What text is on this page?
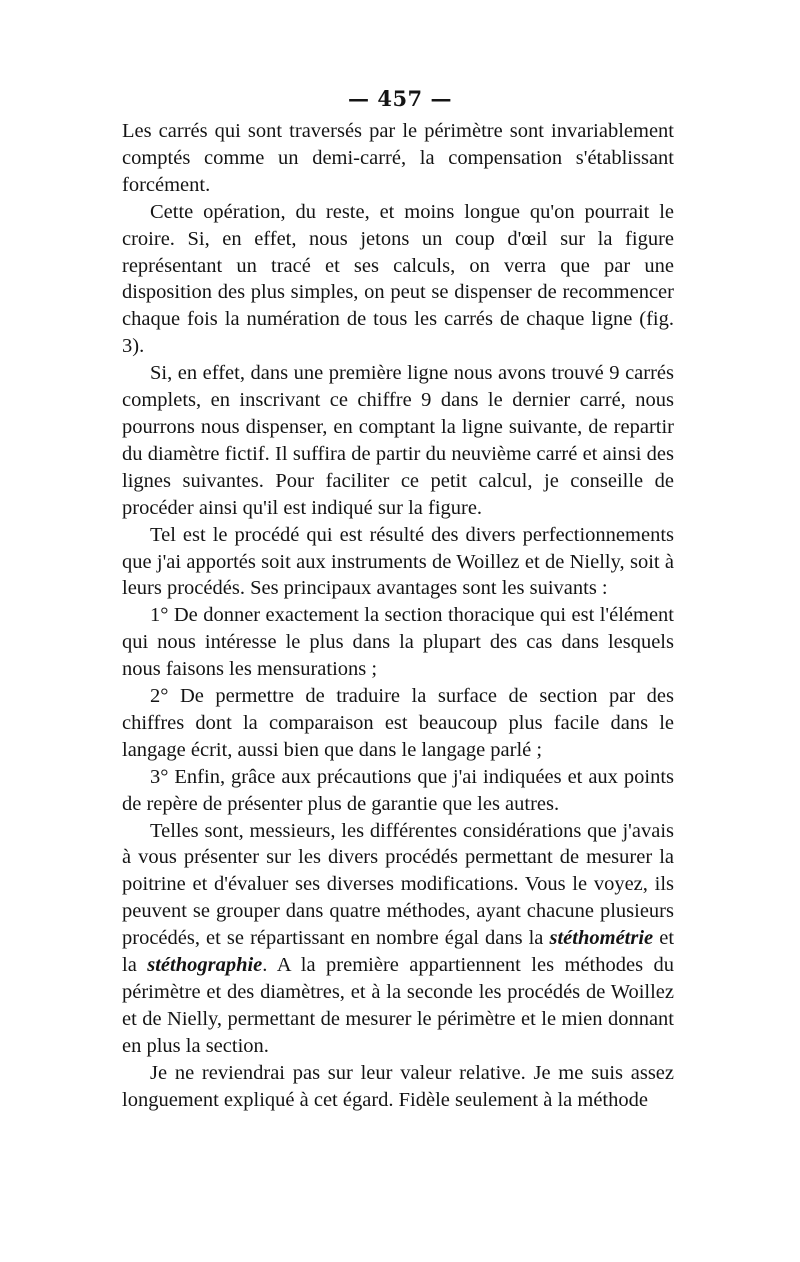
— 457 —

Les carrés qui sont traversés par le périmètre sont invariablement comptés comme un demi-carré, la compensation s'établissant forcément.

Cette opération, du reste, et moins longue qu'on pourrait le croire. Si, en effet, nous jetons un coup d'œil sur la figure représentant un tracé et ses calculs, on verra que par une disposition des plus simples, on peut se dispenser de recommencer chaque fois la numération de tous les carrés de chaque ligne (fig. 3).

Si, en effet, dans une première ligne nous avons trouvé 9 carrés complets, en inscrivant ce chiffre 9 dans le dernier carré, nous pourrons nous dispenser, en comptant la ligne suivante, de repartir du diamètre fictif. Il suffira de partir du neuvième carré et ainsi des lignes suivantes. Pour faciliter ce petit calcul, je conseille de procéder ainsi qu'il est indiqué sur la figure.

Tel est le procédé qui est résulté des divers perfectionnements que j'ai apportés soit aux instruments de Woillez et de Nielly, soit à leurs procédés. Ses principaux avantages sont les suivants :

1° De donner exactement la section thoracique qui est l'élément qui nous intéresse le plus dans la plupart des cas dans lesquels nous faisons les mensurations ;

2° De permettre de traduire la surface de section par des chiffres dont la comparaison est beaucoup plus facile dans le langage écrit, aussi bien que dans le langage parlé ;

3° Enfin, grâce aux précautions que j'ai indiquées et aux points de repère de présenter plus de garantie que les autres.

Telles sont, messieurs, les différentes considérations que j'avais à vous présenter sur les divers procédés permettant de mesurer la poitrine et d'évaluer ses diverses modifications. Vous le voyez, ils peuvent se grouper dans quatre méthodes, ayant chacune plusieurs procédés, et se répartissant en nombre égal dans la stéthométrie et la stéthographie. A la première appartiennent les méthodes du périmètre et des diamètres, et à la seconde les procédés de Woillez et de Nielly, permettant de mesurer le périmètre et le mien donnant en plus la section.

Je ne reviendrai pas sur leur valeur relative. Je me suis assez longuement expliqué à cet égard. Fidèle seulement à la méthode
